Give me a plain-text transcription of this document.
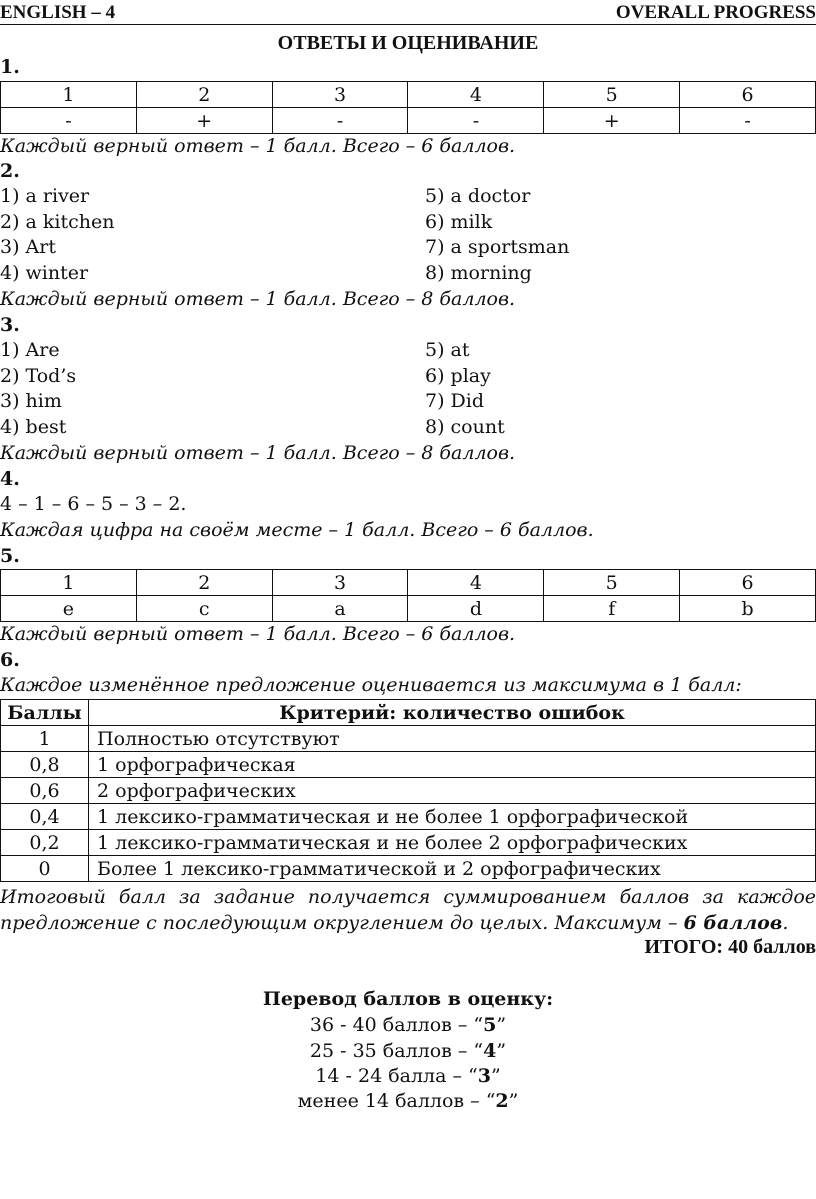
ENGLISH – 4	OVERALL PROGRESS
ОТВЕТЫ И ОЦЕНИВАНИЕ
1.
1	2	3	4	5	6
-	+	-	-	+	-
Каждый верный ответ – 1 балл. Всего – 6 баллов.
2.
1) a river
2) a kitchen
3) Art
4) winter
5) a doctor
6) milk
7) a sportsman
8) morning
Каждый верный ответ – 1 балл. Всего – 8 баллов.
3.
1) Are
2) Tod’s
3) him
4) best
5) at
6) play
7) Did
8) count
Каждый верный ответ – 1 балл. Всего – 8 баллов.
4.
4 – 1 – 6 – 5 – 3 – 2.
Каждая цифра на своём месте – 1 балл. Всего – 6 баллов.
5.
1	2	3	4	5	6
e	c	a	d	f	b
Каждый верный ответ – 1 балл. Всего – 6 баллов.
6.
Каждое изменённое предложение оценивается из максимума в 1 балл:
Баллы	Критерий: количество ошибок
1	Полностью отсутствуют
0,8	1 орфографическая
0,6	2 орфографических
0,4	1 лексико-грамматическая и не более 1 орфографической
0,2	1 лексико-грамматическая и не более 2 орфографических
0	Более 1 лексико-грамматической и 2 орфографических
Итоговый балл за задание получается суммированием баллов за каждое предложение с последующим округлением до целых. Максимум – 6 баллов.
ИТОГО: 40 баллов
Перевод баллов в оценку:
36 - 40 баллов – “5”
25 - 35 баллов – “4”
14 - 24 балла – “3”
менее 14 баллов – “2”
